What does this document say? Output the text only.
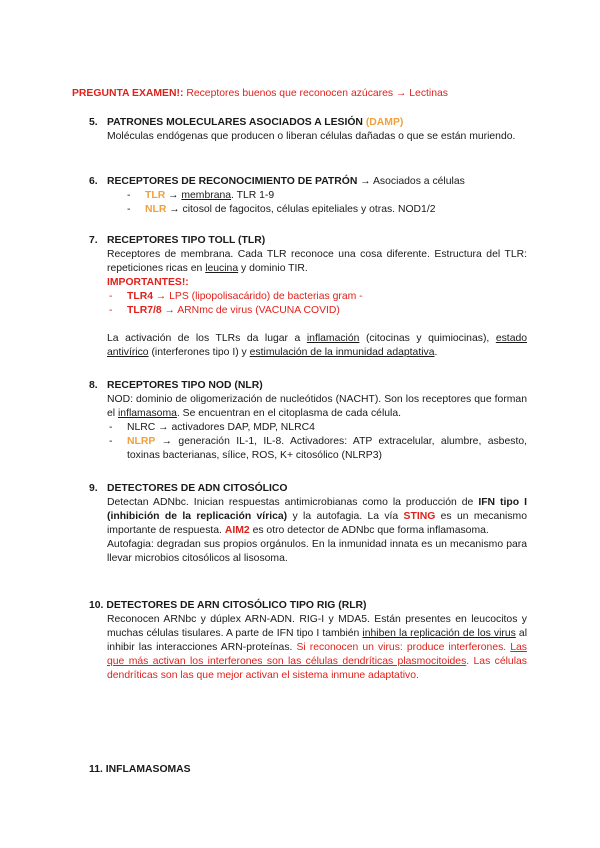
PREGUNTA EXAMEN!: Receptores buenos que reconocen azúcares → Lectinas
5. PATRONES MOLECULARES ASOCIADOS A LESIÓN (DAMP)
Moléculas endógenas que producen o liberan células dañadas o que se están muriendo.
6. RECEPTORES DE RECONOCIMIENTO DE PATRÓN → Asociados a células
- TLR → membrana. TLR 1-9
- NLR → citosol de fagocitos, células epiteliales y otras. NOD1/2
7. RECEPTORES TIPO TOLL (TLR)
Receptores de membrana. Cada TLR reconoce una cosa diferente. Estructura del TLR: repeticiones ricas en leucina y dominio TIR.
IMPORTANTES!:
- TLR4 → LPS (lipopolisacárido) de bacterias gram -
- TLR7/8 → ARNmc de virus (VACUNA COVID)
La activación de los TLRs da lugar a inflamación (citocinas y quimiocinas), estado antivírico (interferones tipo I) y estimulación de la inmunidad adaptativa.
8. RECEPTORES TIPO NOD (NLR)
NOD: dominio de oligomerización de nucleótidos (NACHT). Son los receptores que forman el inflamasoma. Se encuentran en el citoplasma de cada célula.
- NLRC → activadores DAP, MDP, NLRC4
- NLRP → generación IL-1, IL-8. Activadores: ATP extracelular, alumbre, asbesto, toxinas bacterianas, sílice, ROS, K+ citosólico (NLRP3)
9. DETECTORES DE ADN CITOSÓLICO
Detectan ADNbc. Inician respuestas antimicrobianas como la producción de IFN tipo I (inhibición de la replicación vírica) y la autofagia. La vía STING es un mecanismo importante de respuesta. AIM2 es otro detector de ADNbc que forma inflamasoma.
Autofagia: degradan sus propios orgánulos. En la inmunidad innata es un mecanismo para llevar microbios citosólicos al lisosoma.
10. DETECTORES DE ARN CITOSÓLICO TIPO RIG (RLR)
Reconocen ARNbc y dúplex ARN-ADN. RIG-I y MDA5. Están presentes en leucocitos y muchas células tisulares. A parte de IFN tipo I también inhiben la replicación de los virus al inhibir las interacciones ARN-proteínas. Si reconocen un virus: produce interferones. Las que más activan los interferones son las células dendríticas plasmocitoides. Las células dendríticas son las que mejor activan el sistema inmune adaptativo.
11. INFLAMASOMAS
